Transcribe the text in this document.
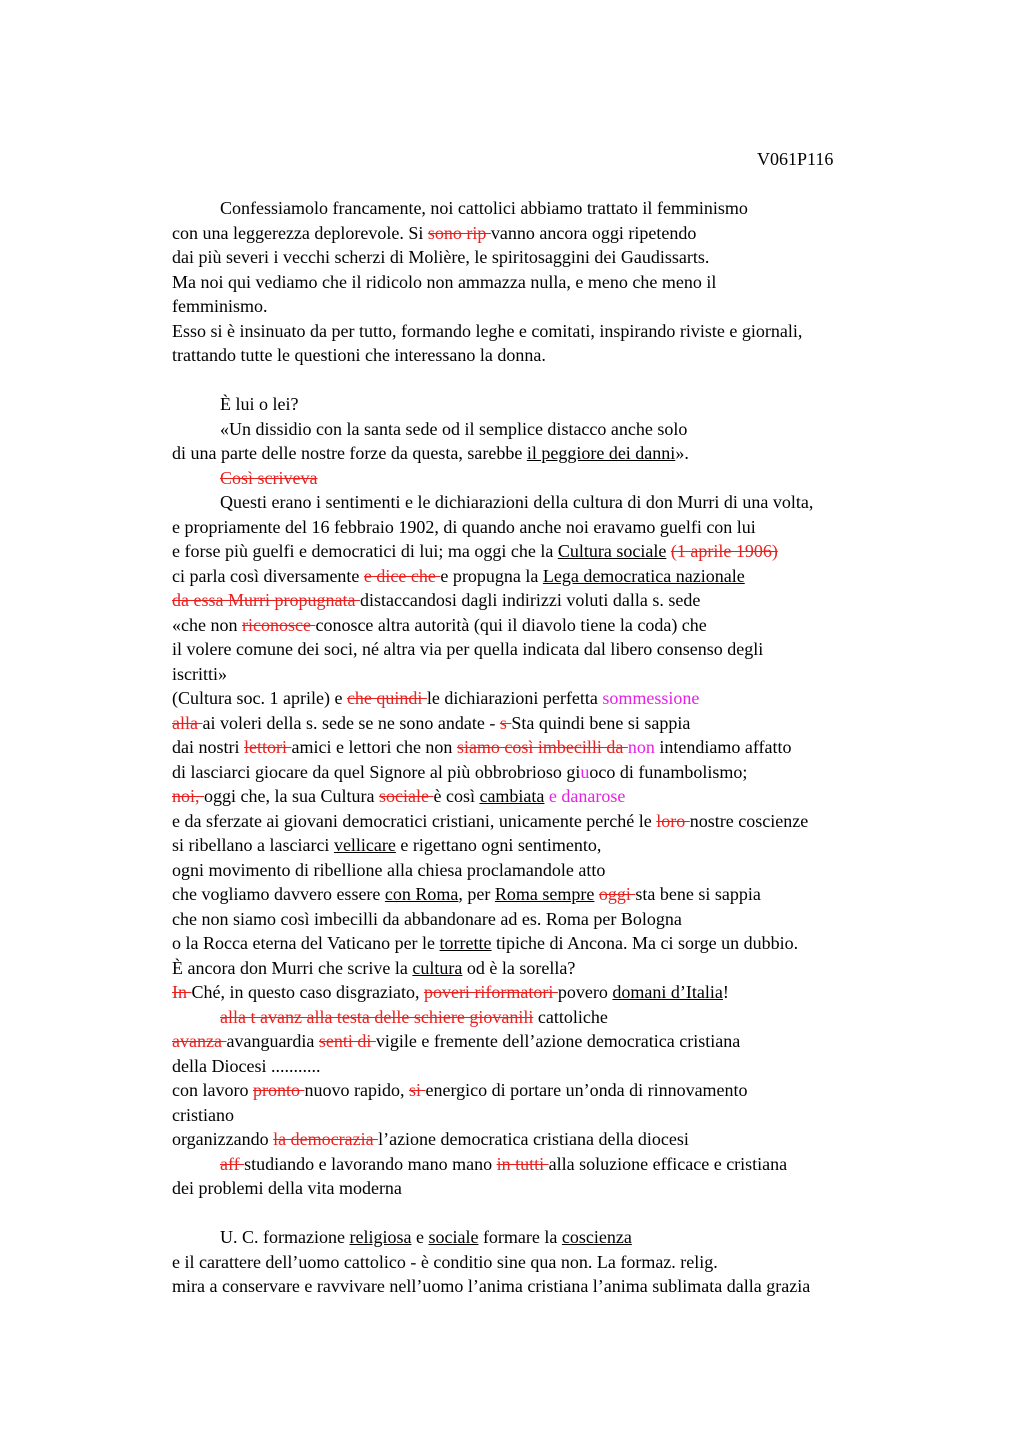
V061P116
Confessiamolo francamente, noi cattolici abbiamo trattato il femminismo
con una leggerezza deplorevole. Si sono rip vanno ancora oggi ripetendo
dai più severi i vecchi scherzi di Molière, le spiritosaggini dei Gaudissarts.
Ma noi qui vediamo che il ridicolo non ammazza nulla, e meno che meno il
femminismo.
Esso si è insinuato da per tutto, formando leghe e comitati, inspirando riviste e giornali,
trattando tutte le questioni che interessano la donna.
È lui o lei?
«Un dissidio con la santa sede od il semplice distacco anche solo
di una parte delle nostre forze da questa, sarebbe il peggiore dei danni».
Così scriveva
Questi erano i sentimenti e le dichiarazioni della cultura di don Murri di una volta,
e propriamente del 16 febbraio 1902, di quando anche noi eravamo guelfi con lui
e forse più guelfi e democratici di lui; ma oggi che la Cultura sociale (1 aprile 1906)
ci parla così diversamente e dice che e propugna la Lega democratica nazionale
da essa Murri propugnata distaccandosi dagli indirizzi voluti dalla s. sede
«che non riconosce conosce altra autorità (qui il diavolo tiene la coda) che
il volere comune dei soci, né altra via per quella indicata dal libero consenso degli
iscritti»
(Cultura soc. 1 aprile) e che quindi le dichiarazioni perfetta sommessione
alla ai voleri della s. sede se ne sono andate - s Sta quindi bene si sappia
dai nostri lettori amici e lettori che non siamo così imbecilli da non intendiamo affatto
di lasciarci giocare da quel Signore al più obbrobrioso giuoco di funambolismo;
noi, oggi che, la sua Cultura sociale è così cambiata e danarose
e da sferzate ai giovani democratici cristiani, unicamente perché le loro nostre coscienze
si ribellano a lasciarci vellicare e rigettano ogni sentimento,
ogni movimento di ribellione alla chiesa proclamandole atto
che vogliamo davvero essere con Roma, per Roma sempre oggi sta bene si sappia
che non siamo così imbecilli da abbandonare ad es. Roma per Bologna
o la Rocca eterna del Vaticano per le torrette tipiche di Ancona. Ma ci sorge un dubbio.
È ancora don Murri che scrive la cultura od è la sorella?
In Ché, in questo caso disgraziato, poveri riformatori povero domani d’Italia!
alla t avanz alla testa delle schiere giovanili cattoliche
avanza avanguardia senti di vigile e fremente dell’azione democratica cristiana
della Diocesi ...........
con lavoro pronto nuovo rapido, si energico di portare un’onda di rinnovamento
cristiano
organizzando la democrazia l’azione democratica cristiana della diocesi
aff studiando e lavorando mano mano in tutti alla soluzione efficace e cristiana
dei problemi della vita moderna
U. C. formazione religiosa e sociale formare la coscienza
e il carattere dell’uomo cattolico - è conditio sine qua non. La formaz. relig.
mira a conservare e ravvivare nell’uomo l’anima cristiana l’anima sublimata dalla grazia
